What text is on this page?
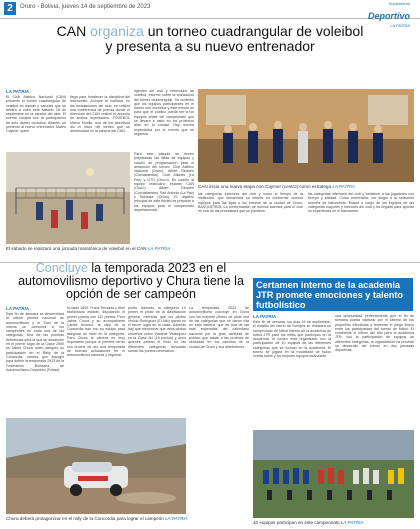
2	Oruro - Bolivia, jueves 14 de septiembre de 2023
Suplemento
Deportivo
LA PATRIA
CAN organiza un torneo cuadrangular de voleibol y presenta a su nuevo entrenador
LA PATRIA
El Club Atlético Nacional (CAN) presentó el torneo cuadrangular de voleibol en damas y varones que se llevará a cabo este sábado 16 de septiembre en la cancha del club. El evento contará con la participación de sólo clubes cochalos: Atlantis, se presentó al nuevo entrenador, Mateo Caymer, quien
llega para fortalecer la disciplina del baloncesto. Aunque la mañana, en las instalaciones del club, se realizó una conferencia de prensa donde el directorio del CAN realizó el anuncio de ambos importantes. FOGEBOL Marco Murillo, uno de los directivos dio el inicio del torneo que se desarrollará en la cancha del CAN.
rigentes del club y entrenador de voleibol, informó sobre la realización del torneo cuadrangular. Se confirmó que los equipos participantes en el torneo son cochalos y este evento es para que el público pueda ver a los equipos antes del campeonato que se llevará a cabo en los próximos días en la ciudad. Hay mucha expectativa por el evento que se organiza.
Para este sábado se tienen preparadas las listas de equipos y cuadro de programación para el desarrollo del torneo: Club Atlético Nacional (Oruro), Albert Einstein (Cochabamba), Club Atlantis (La Paz) y UTO (Oruro). En cuanto al equipo masculino estarán CAN (Oruro), Albert Einstein (Cochabamba), San Antonio (La Paz) y Ekklesia (Oruro). El objetivo principal de este torneo es preparar a los equipos para el campeonato departamental.
El sábado se realizará una jornada maratónica de voleibol en el CAN LA PATRIA
CAN inicia una nueva etapa con Caymer (centro) como estratega LA PATRIA
las categorías inferiores del club y como el tiempo de la institución, que demuestra su interés en conformar nuevos equipos para las ligas y los torneos de la ciudad de Oruro. BASQUETBOL La conformación de nuevos talentos para el club es una de las prioridades que se plantean.
las categorías inferiores del club y fortalecer a los jugadores con tiempo y calidad. Como entrenador, los dirigió a la selección orureña de baloncesto. Estará a cargo de los equipos de las categorías mayores y menores del club y ha llegado para aportar su experiencia en el baloncesto.
Concluye la temporada 2023 en el automovilismo deportivo y Chura tiene la opción de ser campeón
LA PATRIA
Este fin de semana se desarrollará la última prueba nacional de automovilismo y el Saul de la misma se conocerá a los campeones en cada una de las categorías. Una de las pruebas definitorias será la que se desarrolle en el primer lugar de la Clase 2500 es Jaime Chura quien aseguró su participación en el Rally de la Concordia, carrera que escogió para definir la temporada 2023 de la Federación Boliviana de Automovilismo Deportivo (Febad).
la clase 1600, Franz Terrazas y Abel Maldonado estarán disputando el primer puesto con 132 puntos. Pero Jaime Chura y su acompañante Carlos Alvarez, al rally de la Concordia irán con su equipo para asegurar su título en la categoría. Para Chura la carrera es muy importante porque le permite cerrar con broche de oro una temporada de buenas actuaciones en el automovilismo nacional y regional.
punto. Además, la categoría 1X primer el piloto de la clasificación general, mientras que los pilotos Vinicio Rodríguez (El Alto) quedó en el tercer lugar en la clase. Además hay que mencionar que otros pilotos orureños como Vladimir Velásquez en la Clase N4 (16 puntos) y otros quienes pelean el título en las diferentes categorías buscarán sumar los puntos necesarios.
La temporada 2023 de automovilismo concluye en Oruro con los mejores pilotos de cada una de las categorías que se darán cita en esta carrera, que es una de las más esperadas del calendario nacional por la gran cantidad de público que asiste a las pruebas de velocidad en los caminos de la ciudad de Oruro y sus alrededores.
Chura deberá protagonizar en el rally de la Concordia para lograr el campeón LA PATRIA
Certamen interno de la academia JTR promete emociones y talento futbolístico
LA PATRIA
Este fin de semana, los días 16 de septiembre, el estadio del barrio de Sorojchi se realizará un campeonato de fútbol interno de la academia de fútbol JTR para los niños que participan en la academia, el torneo está organizado con la participación de 10 equipos de las diferentes categorías que se forman en la academia. El torneo se jugará en la modalidad de todos contra todos y los mejores equipos avanzarán.
una oportunidad perfectamente que el fin de semana pueda capturar por el talento de los pequeños futbolistas y fomentar el juego limpio entre los participantes del torneo de fútbol. El continente el último del año para la academia JTR; con la participación de equipos de diferentes categorías, la organización ha previsto un desarrollo del torneo en dos jornadas deportivas.
10 equipos participan en este campeonato LA PATRIA
